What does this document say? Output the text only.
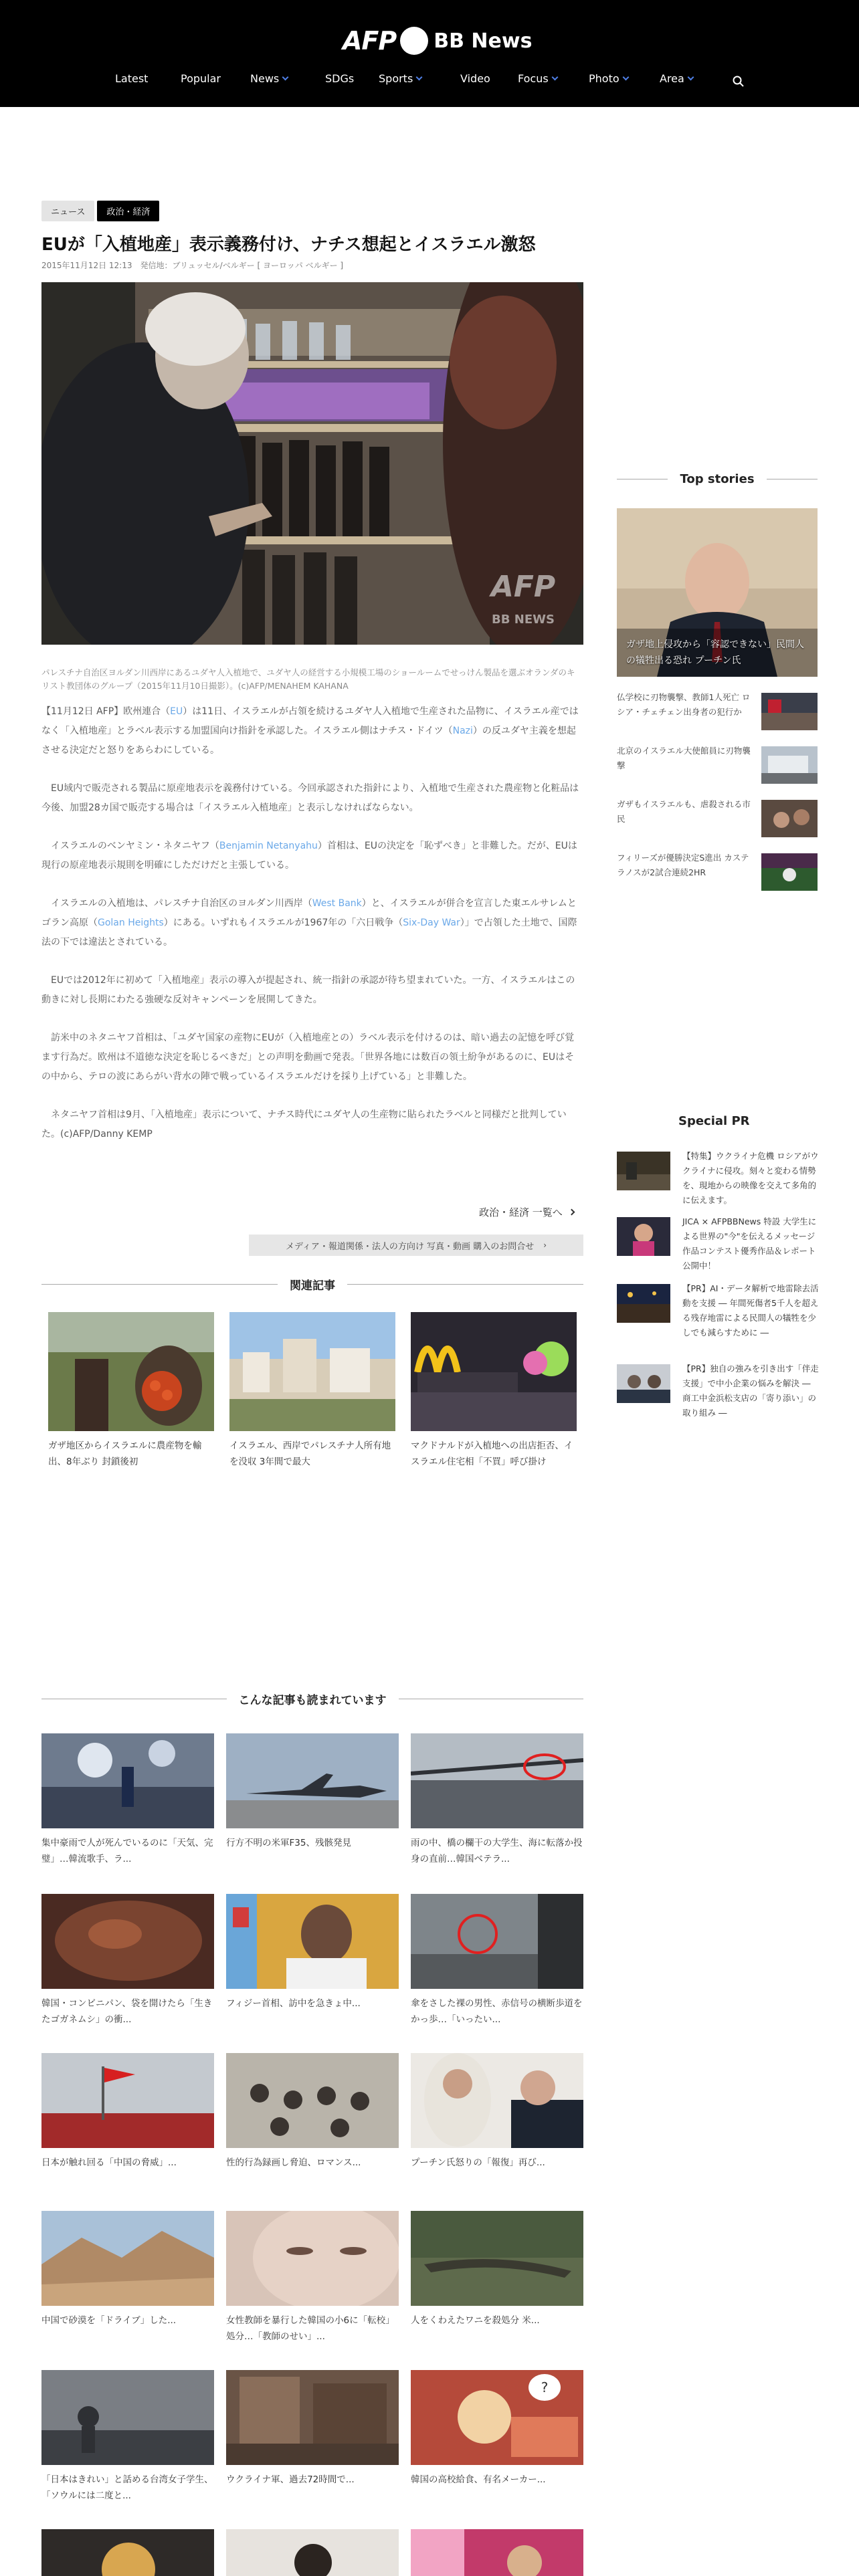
AFP BB News
Latest	Popular	News	SDGs Sports	Video	Focus	Photo	Area
ニュース	政治・経済
EUが「入植地産」表示義務付け、ナチス想起とイスラエル激怒
2015年11月12日 12:13 発信地：ブリュッセル/ベルギー [ ヨーロッパ ベルギー ]
AFP
BB NEWS

パレスチナ自治区ヨルダン川西岸にあるユダヤ人入植地で、ユダヤ人の経営する小規模工場のショールームでせっけん製品を選ぶオランダのキリスト教団体のグループ（2015年11月10日撮影）。(c)AFP/MENAHEM KAHANA

【11月12日 AFP】欧州連合（EU）は11日、イスラエルが占領を続けるユダヤ人入植地で生産された品物に、イスラエル産ではなく「入植地産」とラベル表示する加盟国向け指針を承認した。イスラエル側はナチス・ドイツ（Nazi）の反ユダヤ主義を想起させる決定だと怒りをあらわにしている。

　EU域内で販売される製品に原産地表示を義務付けている。今回承認された指針により、入植地で生産された農産物と化粧品は今後、加盟28カ国で販売する場合は「イスラエル入植地産」と表示しなければならない。

　イスラエルのベンヤミン・ネタニヤフ（Benjamin Netanyahu）首相は、EUの決定を「恥ずべき」と非難した。だが、EUは現行の原産地表示規則を明確にしただけだと主張している。

　イスラエルの入植地は、パレスチナ自治区のヨルダン川西岸（West Bank）と、イスラエルが併合を宣言した東エルサレムとゴラン高原（Golan Heights）にある。いずれもイスラエルが1967年の「六日戦争（Six-Day War）」で占領した土地で、国際法の下では違法とされている。

　EUでは2012年に初めて「入植地産」表示の導入が提起され、統一指針の承認が待ち望まれていた。一方、イスラエルはこの動きに対し長期にわたる強硬な反対キャンペーンを展開してきた。

　訪米中のネタニヤフ首相は、「ユダヤ国家の産物にEUが（入植地産との）ラベル表示を付けるのは、暗い過去の記憶を呼び覚ます行為だ。欧州は不道徳な決定を恥じるべきだ」との声明を動画で発表。「世界各地には数百の領土紛争があるのに、EUはその中から、テロの波にあらがい背水の陣で戦っているイスラエルだけを採り上げている」と非難した。

　ネタニヤフ首相は9月、「入植地産」表示について、ナチス時代にユダヤ人の生産物に貼られたラベルと同様だと批判していた。(c)AFP/Danny KEMP

政治・経済 一覧へ
メディア・報道関係・法人の方向け 写真・動画 購入のお問合せ ›
関連記事

ガザ地区からイスラエルに農産物を輸出、8年ぶり 封鎖後初

イスラエル、西岸でパレスチナ人所有地を没収 3年間で最大

マクドナルドが入植地への出店拒否、イスラエル住宅相「不買」呼び掛け

こんな記事も読まれています

集中豪雨で人が死んでいるのに「天気、完璧」…韓流歌手、ラ...

行方不明の米軍F35、残骸発見	雨の中、橋の欄干の大学生、海に転落か投身の直前…韓国ベテラ...

韓国・コンビニパン、袋を開けたら「生きたゴガネムシ」の衝...

フィジー首相、訪中を急きょ中...	傘をさした裸の男性、赤信号の横断歩道をかっ歩…「いったい...

日本が触れ回る「中国の脅威」...	性的行為録画し脅迫、ロマンス...	プーチン氏怒りの「報復」再び...

中国で砂漠を「ドライブ」した...	女性教師を暴行した韓国の小6に「転校」処分…「教師のせい」...

人をくわえたワニを殺処分 米...

「日本はきれい」と話める台湾女子学生、「ソウルには二度と...

ウクライナ軍、過去72時間で...

?

韓国の高校給食、有名メーカー...

Top stories

ガザ地上侵攻から「容認できない」民間人の犠牲出る恐れ プーチン氏

仏学校に刃物襲撃、教師1人死亡 ロシア・チェチェン出身者の犯行か

北京のイスラエル大使館員に刃物襲撃

ガザもイスラエルも、虐殺される市民

フィリーズが優勝決定S進出 カステラノスが2試合連続2HR

Special PR

【特集】ウクライナ危機 ロシアがウクライナに侵攻。刻々と変わる情勢を、現地からの映像を交えて多角的に伝えます。

JICA × AFPBBNews 特設 大学生による世界の"今"を伝えるメッセージ作品コンテスト優秀作品＆レポート公開中！

【PR】AI・データ解析で地雷除去活動を支援 ― 年間死傷者5千人を超える残存地雷による民間人の犠牲を少しでも減らすために ―

【PR】独自の強みを引き出す「伴走支援」で中小企業の悩みを解決 ― 商工中金浜松支店の「寄り添い」の取り組み ―
